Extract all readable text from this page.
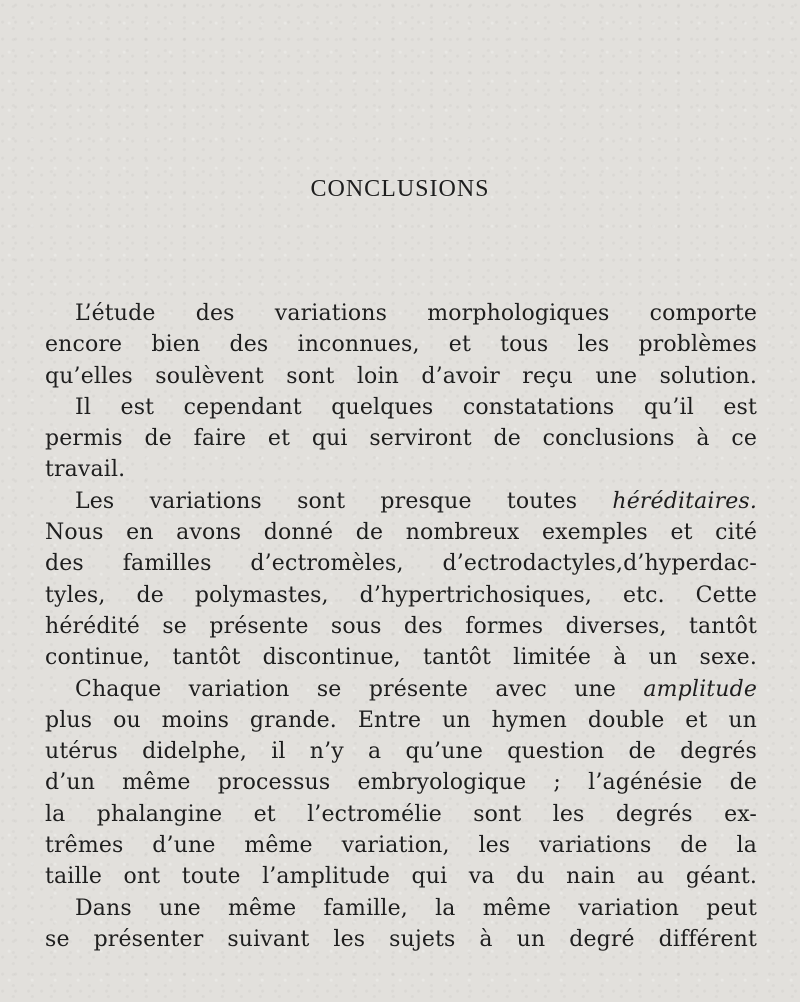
CONCLUSIONS
L’étude des variations morphologiques comporte
encore bien des inconnues, et tous les problèmes
qu’elles soulèvent sont loin d’avoir reçu une solution.
Il est cependant quelques constatations qu’il est
permis de faire et qui serviront de conclusions à ce
travail.
Les variations sont presque toutes héréditaires.
Nous en avons donné de nombreux exemples et cité
des familles d’ectromèles, d’ectrodactyles,d’hyperdac-
tyles, de polymastes, d’hypertrichosiques, etc. Cette
hérédité se présente sous des formes diverses, tantôt
continue, tantôt discontinue, tantôt limitée à un sexe.
Chaque variation se présente avec une amplitude
plus ou moins grande. Entre un hymen double et un
utérus didelphe, il n’y a qu’une question de degrés
d’un même processus embryologique ; l’agénésie de
la phalangine et l’ectromélie sont les degrés ex-
trêmes d’une même variation, les variations de la
taille ont toute l’amplitude qui va du nain au géant.
Dans une même famille, la même variation peut
se présenter suivant les sujets à un degré différent
